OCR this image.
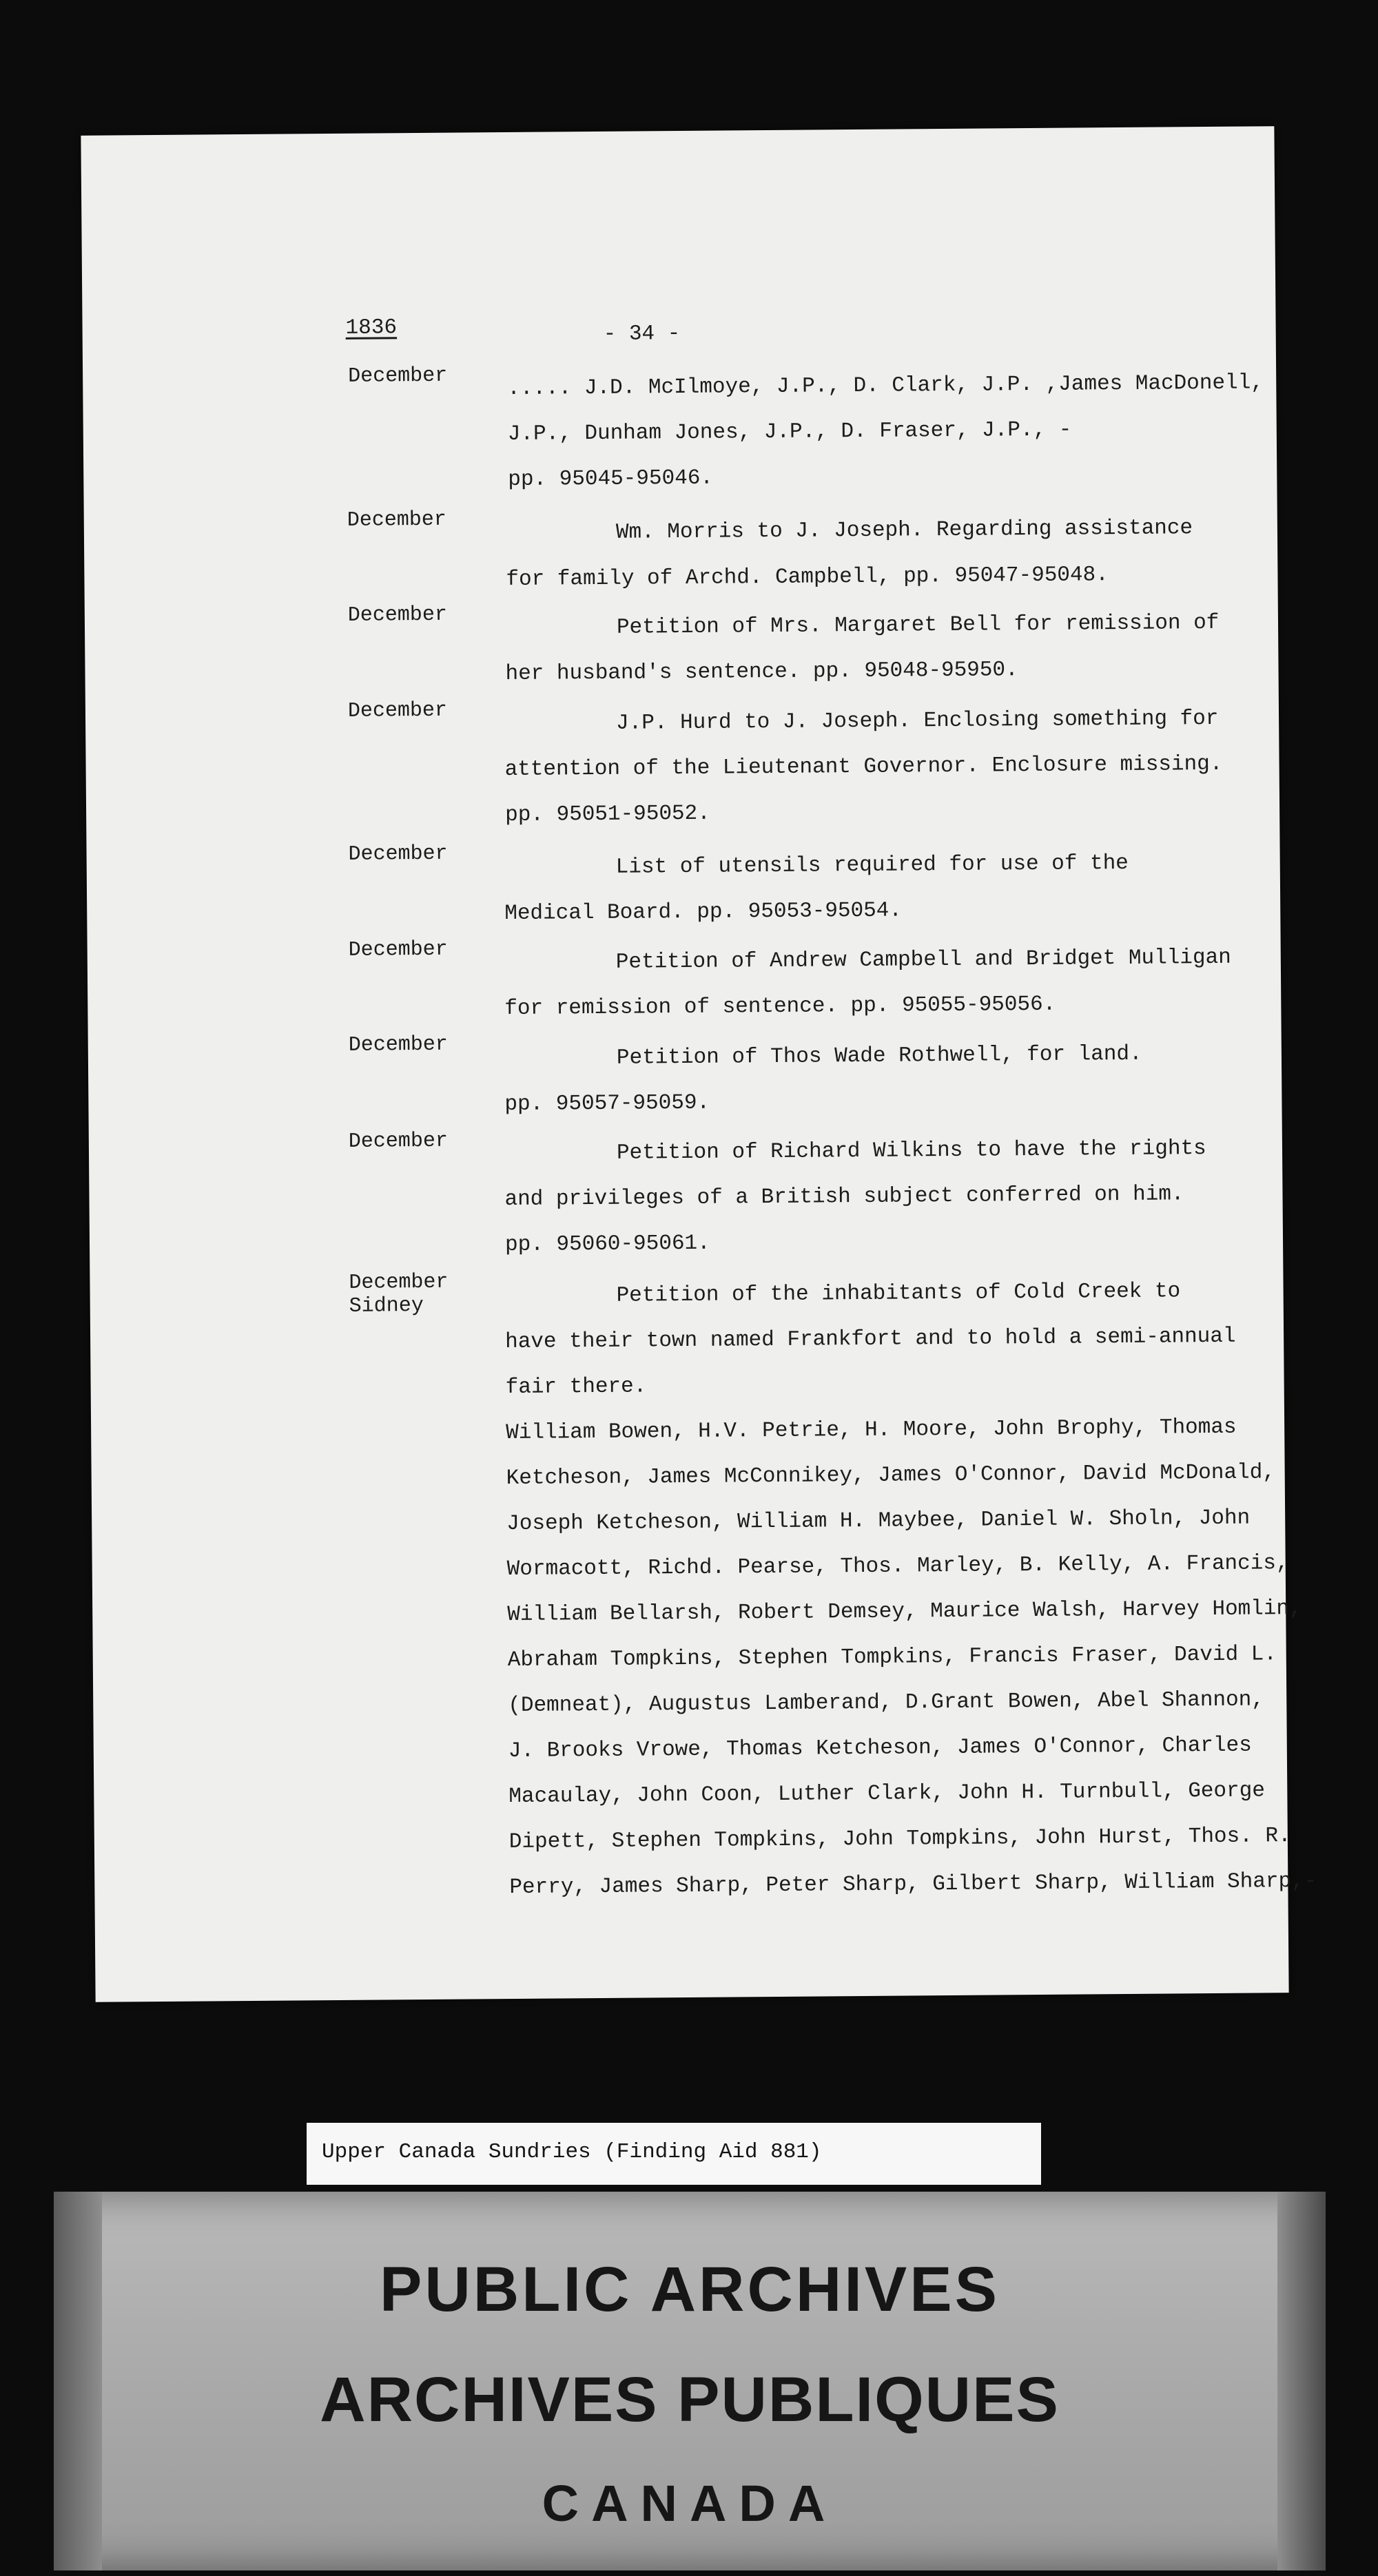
1836	- 34 -

December	..... J.D. McIlmoye, J.P., D. Clark, J.P. ,James MacDonell,

J.P., Dunham Jones, J.P., D. Fraser, J.P., -

pp. 95045-95046.

December	Wm. Morris to J. Joseph. Regarding assistance

for family of Archd. Campbell, pp. 95047-95048.

December	Petition of Mrs. Margaret Bell for remission of

her husband's sentence. pp. 95048-95950.

December	J.P. Hurd to J. Joseph. Enclosing something for

attention of the Lieutenant Governor. Enclosure missing.

pp. 95051-95052.

December	List of utensils required for use of the

Medical Board. pp. 95053-95054.

December	Petition of Andrew Campbell and Bridget Mulligan

for remission of sentence. pp. 95055-95056.

December	Petition of Thos Wade Rothwell, for land.

pp. 95057-95059.

December	Petition of Richard Wilkins to have the rights

and privileges of a British subject conferred on him.

pp. 95060-95061.

December

Sidney	Petition of the inhabitants of Cold Creek to

have their town named Frankfort and to hold a semi-annual

fair there.

William Bowen, H.V. Petrie, H. Moore, John Brophy, Thomas

Ketcheson, James McConnikey, James O'Connor, David McDonald,

Joseph Ketcheson, William H. Maybee, Daniel W. Sholn, John

Wormacott, Richd. Pearse, Thos. Marley, B. Kelly, A. Francis,

William Bellarsh, Robert Demsey, Maurice Walsh, Harvey Homlin,

Abraham Tompkins, Stephen Tompkins, Francis Fraser, David L.

(Demneat), Augustus Lamberand, D.Grant Bowen, Abel Shannon,

J. Brooks Vrowe, Thomas Ketcheson, James O'Connor, Charles

Macaulay, John Coon, Luther Clark, John H. Turnbull, George

Dipett, Stephen Tompkins, John Tompkins, John Hurst, Thos. R.

Perry, James Sharp, Peter Sharp, Gilbert Sharp, William Sharp,-

Upper Canada Sundries (Finding Aid 881)

PUBLIC ARCHIVES

ARCHIVES PUBLIQUES

CANADA
